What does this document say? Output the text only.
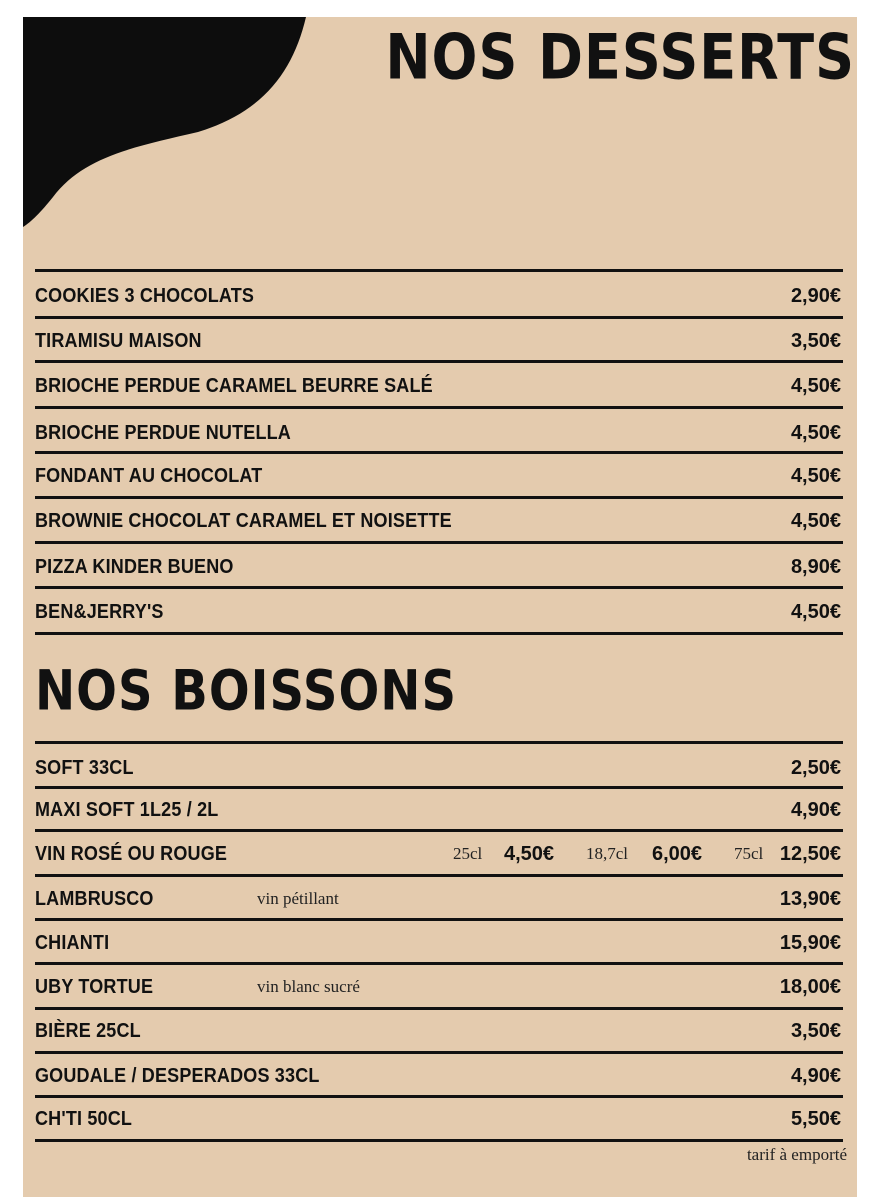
NOS DESSERTS
COOKIES 3 CHOCOLATS	2,90€
TIRAMISU MAISON	3,50€
BRIOCHE PERDUE CARAMEL BEURRE SALÉ	4,50€
BRIOCHE PERDUE NUTELLA	4,50€
FONDANT AU CHOCOLAT	4,50€
BROWNIE CHOCOLAT CARAMEL ET NOISETTE	4,50€
PIZZA KINDER BUENO	8,90€
BEN&JERRY'S	4,50€
NOS BOISSONS
SOFT 33CL	2,50€
MAXI SOFT 1L25 / 2L	4,90€
VIN ROSÉ OU ROUGE	25cl 4,50€ 18,7cl 6,00€ 75cl 12,50€
LAMBRUSCO	vin pétillant	13,90€
CHIANTI	15,90€
UBY TORTUE	vin blanc sucré	18,00€
BIÈRE 25CL	3,50€
GOUDALE / DESPERADOS 33CL	4,90€
CH'TI 50CL	5,50€
tarif à emporté
